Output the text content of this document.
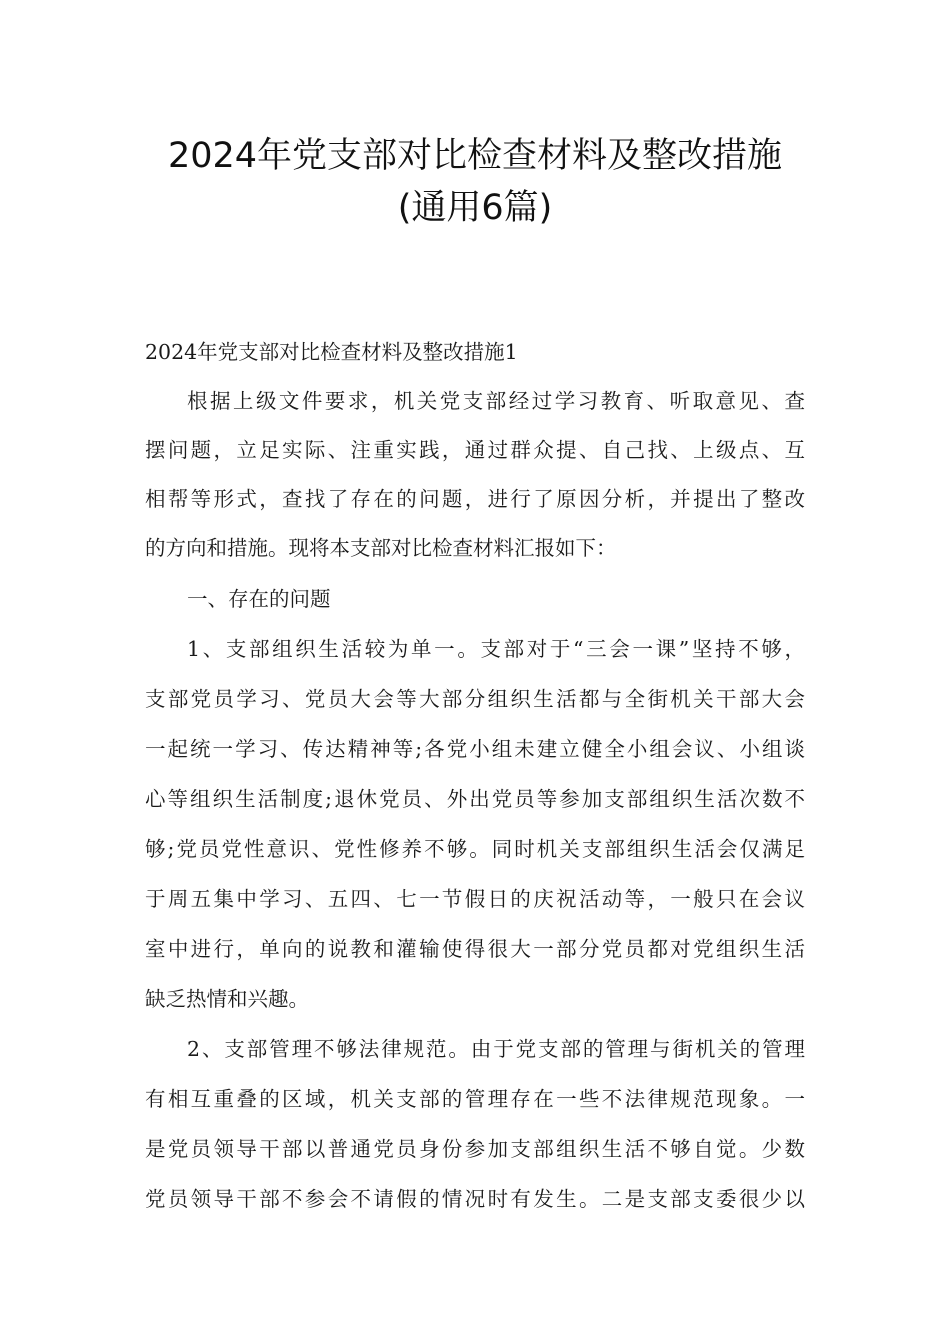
2024年党支部对比检查材料及整改措施
(通用6篇)
2024年党支部对比检查材料及整改措施1
根据上级文件要求，机关党支部经过学习教育、听取意见、查
摆问题，立足实际、注重实践，通过群众提、自己找、上级点、互
相帮等形式，查找了存在的问题，进行了原因分析，并提出了整改
的方向和措施。现将本支部对比检查材料汇报如下：
一、存在的问题
1、支部组织生活较为单一。支部对于“三会一课”坚持不够，
支部党员学习、党员大会等大部分组织生活都与全街机关干部大会
一起统一学习、传达精神等;各党小组未建立健全小组会议、小组谈
心等组织生活制度;退休党员、外出党员等参加支部组织生活次数不
够;党员党性意识、党性修养不够。同时机关支部组织生活会仅满足
于周五集中学习、五四、七一节假日的庆祝活动等，一般只在会议
室中进行，单向的说教和灌输使得很大一部分党员都对党组织生活
缺乏热情和兴趣。
2、支部管理不够法律规范。由于党支部的管理与街机关的管理
有相互重叠的区域，机关支部的管理存在一些不法律规范现象。一
是党员领导干部以普通党员身份参加支部组织生活不够自觉。少数
党员领导干部不参会不请假的情况时有发生。二是支部支委很少以
